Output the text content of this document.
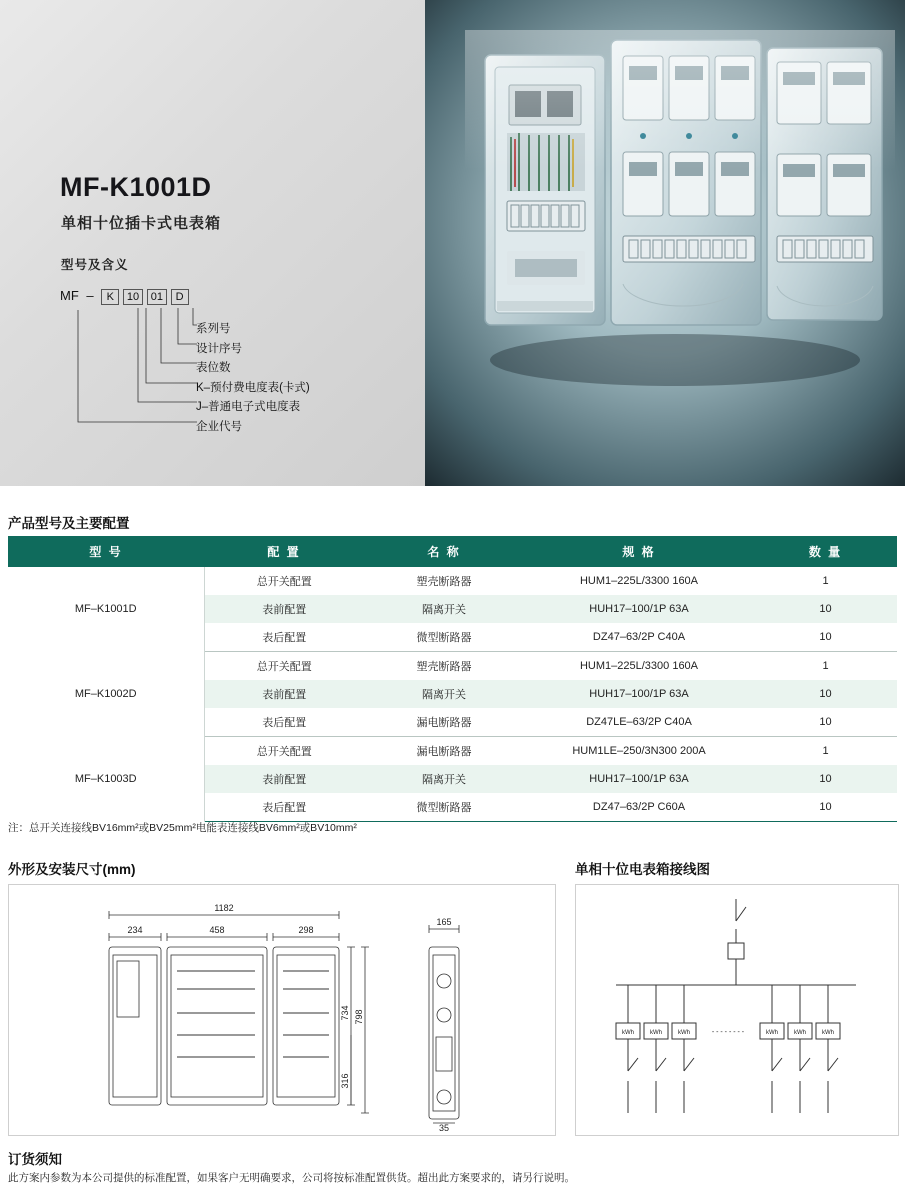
MF-K1001D
单相十位插卡式电表箱
型号及含义
MF – K 10 01 D
系列号
设计序号
表位数
K–预付费电度表(卡式)
J–普通电子式电度表
企业代号
产品型号及主要配置
型 号	配 置	名 称	规 格	数 量
MF–K1001D	总开关配置	塑壳断路器	HUM1–225L/3300 160A	1
	表前配置	隔离开关	HUH17–100/1P 63A	10
	表后配置	微型断路器	DZ47–63/2P C40A	10
MF–K1002D	总开关配置	塑壳断路器	HUM1–225L/3300 160A	1
	表前配置	隔离开关	HUH17–100/1P 63A	10
	表后配置	漏电断路器	DZ47LE–63/2P C40A	10
MF–K1003D	总开关配置	漏电断路器	HUM1LE–250/3N300 200A	1
	表前配置	隔离开关	HUH17–100/1P 63A	10
	表后配置	微型断路器	DZ47–63/2P C60A	10
注：总开关连接线BV16mm²或BV25mm²电能表连接线BV6mm²或BV10mm²
外形及安装尺寸(mm)
1182
234	458	298
165
734 798
316
35
单相十位电表箱接线图
kWh	kWh	kWh	kWh	kWh	kWh
- - - - - - - -
订货须知
此方案内参数为本公司提供的标准配置，如果客户无明确要求，公司将按标准配置供货。超出此方案要求的，请另行说明。
